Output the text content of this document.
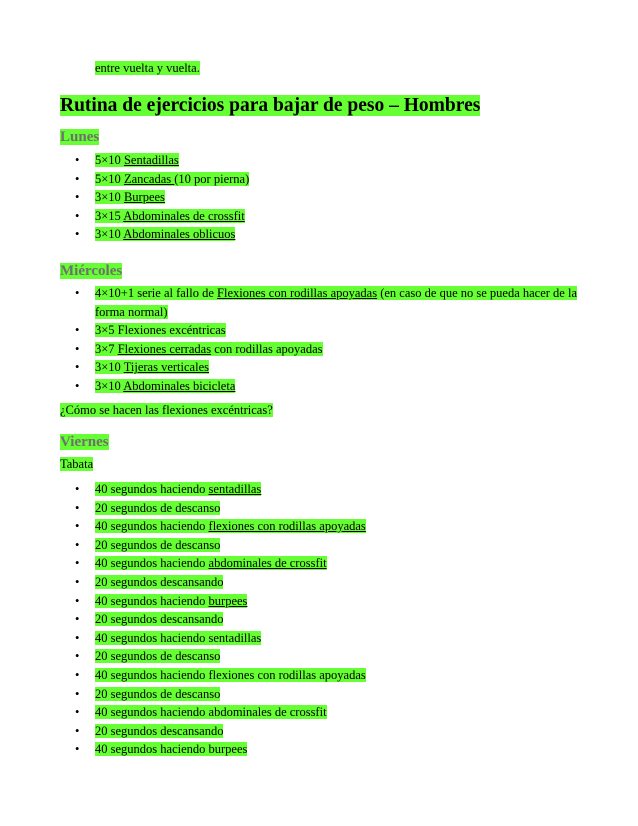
entre vuelta y vuelta.
Rutina de ejercicios para bajar de peso – Hombres
Lunes
• 5×10 Sentadillas
• 5×10 Zancadas (10 por pierna)
• 3×10 Burpees
• 3×15 Abdominales de crossfit
• 3×10 Abdominales oblicuos
Miércoles
• 4×10+1 serie al fallo de Flexiones con rodillas apoyadas (en caso de que no se pueda hacer de la forma normal)
• 3×5 Flexiones excéntricas
• 3×7 Flexiones cerradas con rodillas apoyadas
• 3×10 Tijeras verticales
• 3×10 Abdominales bicicleta
¿Cómo se hacen las flexiones excéntricas?
Viernes
Tabata
• 40 segundos haciendo sentadillas
• 20 segundos de descanso
• 40 segundos haciendo flexiones con rodillas apoyadas
• 20 segundos de descanso
• 40 segundos haciendo abdominales de crossfit
• 20 segundos descansando
• 40 segundos haciendo burpees
• 20 segundos descansando
• 40 segundos haciendo sentadillas
• 20 segundos de descanso
• 40 segundos haciendo flexiones con rodillas apoyadas
• 20 segundos de descanso
• 40 segundos haciendo abdominales de crossfit
• 20 segundos descansando
• 40 segundos haciendo burpees
